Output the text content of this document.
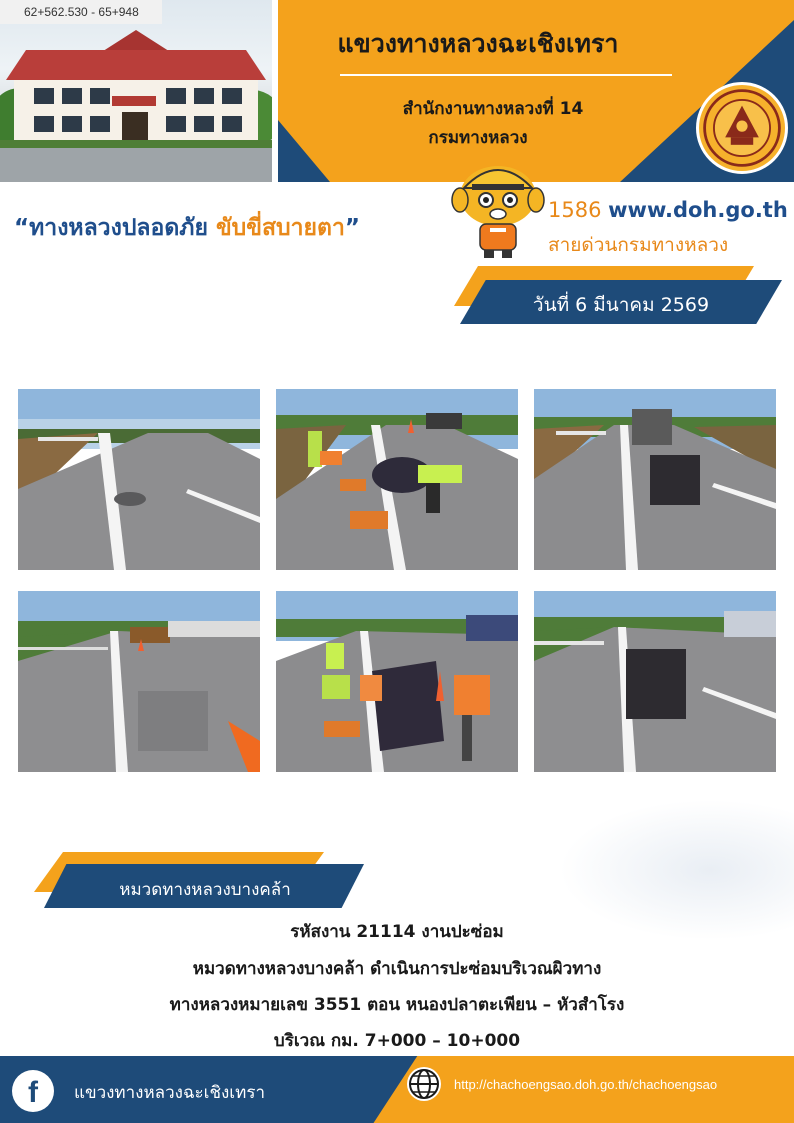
62+562.530 - 65+948
แขวงทางหลวงฉะเชิงเทรา
สำนักงานทางหลวงที่ 14
กรมทางหลวง
“ทางหลวงปลอดภัย ขับขี่สบายตา”
1586 www.doh.go.th
สายด่วนกรมทางหลวง
วันที่ 6 มีนาคม 2569
หมวดทางหลวงบางคล้า
รหัสงาน 21114 งานปะซ่อม
หมวดทางหลวงบางคล้า ดำเนินการปะซ่อมบริเวณผิวทาง
ทางหลวงหมายเลข 3551 ตอน หนองปลาตะเพียน – หัวสำโรง
บริเวณ กม. 7+000 – 10+000
f	แขวงทางหลวงฉะเชิงเทรา	http://chachoengsao.doh.go.th/chachoengsao
